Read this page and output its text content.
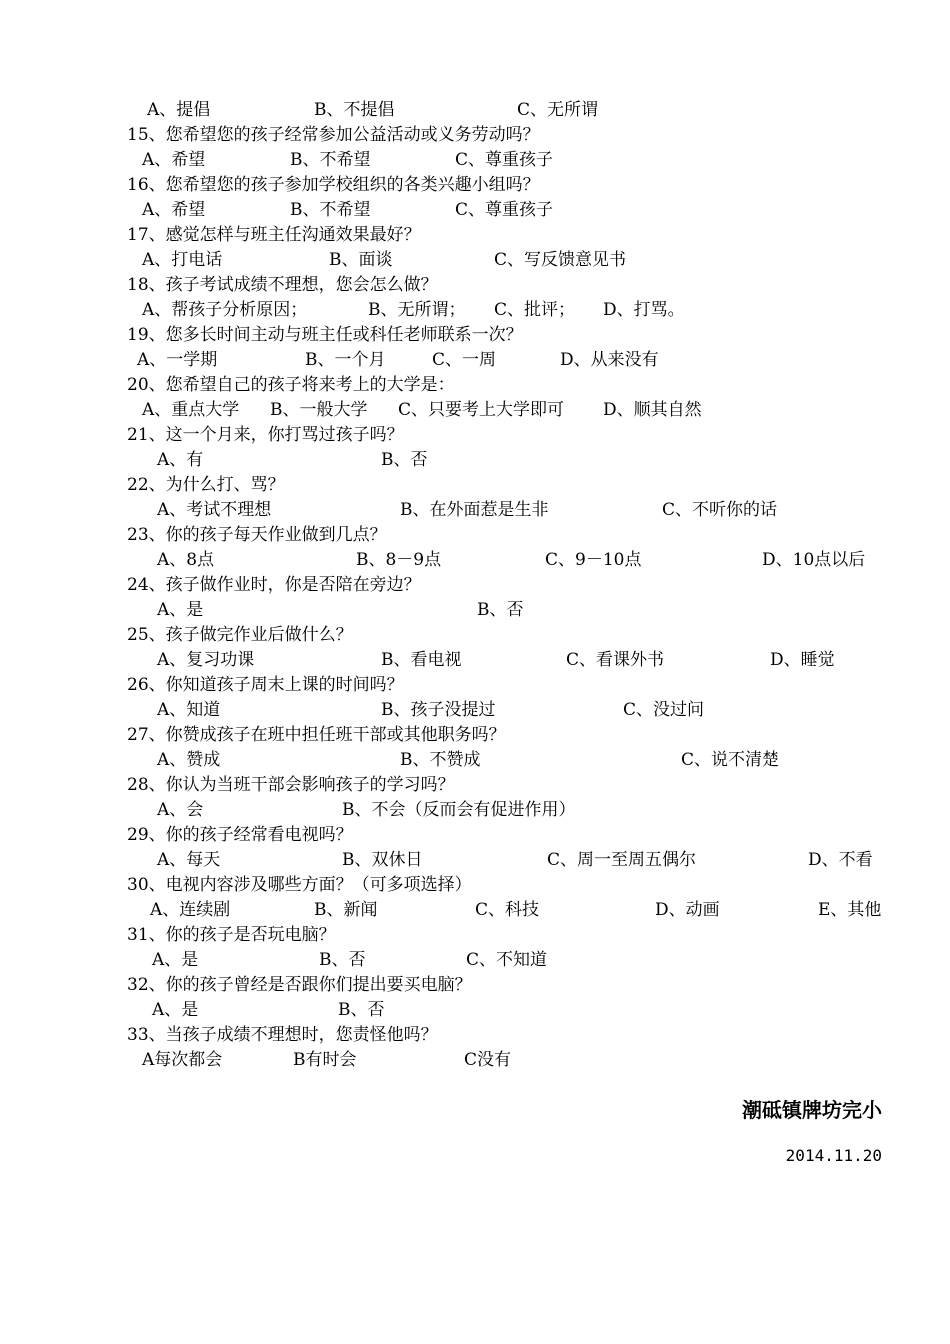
A、提倡	B、不提倡	C、无所谓
15、您希望您的孩子经常参加公益活动或义务劳动吗？
A、希望	B、不希望	C、尊重孩子
16、您希望您的孩子参加学校组织的各类兴趣小组吗？
A、希望	B、不希望	C、尊重孩子
17、感觉怎样与班主任沟通效果最好？
A、打电话	B、面谈	C、写反馈意见书
18、孩子考试成绩不理想，您会怎么做？
A、帮孩子分析原因；	B、无所谓； C、批评； D、打骂。
19、您多长时间主动与班主任或科任老师联系一次？
A、一学期	B、一个月	C、一周	D、从来没有
20、您希望自己的孩子将来考上的大学是：
A、重点大学 B、一般大学 C、只要考上大学即可 D、顺其自然
21、这一个月来，你打骂过孩子吗？
A、有	B、否
22、为什么打、骂？
A、考试不理想	B、在外面惹是生非	C、不听你的话
23、你的孩子每天作业做到几点？
A、8点	B、8－9点	C、9－10点	D、10点以后
24、孩子做作业时，你是否陪在旁边？
A、是	B、否
25、孩子做完作业后做什么？
A、复习功课	B、看电视	C、看课外书	D、睡觉
26、你知道孩子周末上课的时间吗？
A、知道	B、孩子没提过	C、没过问
27、你赞成孩子在班中担任班干部或其他职务吗？
A、赞成	B、不赞成	C、说不清楚
28、你认为当班干部会影响孩子的学习吗？
A、会	B、不会（反而会有促进作用）
29、你的孩子经常看电视吗？
A、每天	B、双休日	C、周一至周五偶尔	D、不看
30、电视内容涉及哪些方面？（可多项选择）
A、连续剧	B、新闻	C、科技	D、动画	E、其他
31、你的孩子是否玩电脑？
A、是	B、否	C、不知道
32、你的孩子曾经是否跟你们提出要买电脑？
A、是	B、否
33、当孩子成绩不理想时，您责怪他吗？
A每次都会	B有时会	C没有
潮砥镇牌坊完小
2014.11.20
